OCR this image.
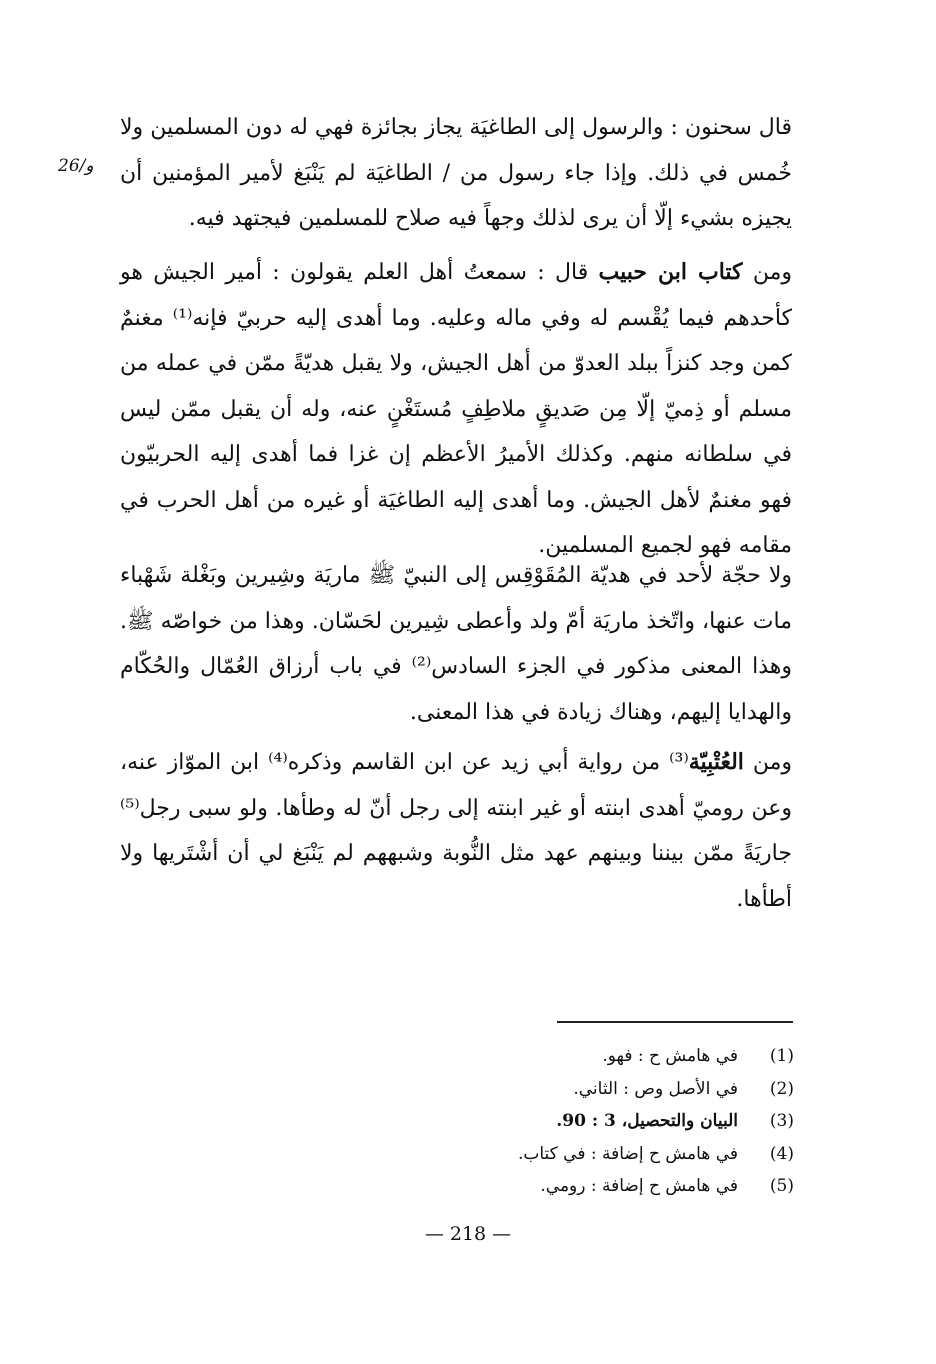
26/و
قال سحنون : والرسول إلى الطاغيَة يجاز بجائزة فهي له دون المسلمين ولا خُمس في ذلك. وإذا جاء رسول من / الطاغيَة لم يَنْبَغ لأمير المؤمنين أن يجيزه بشيء إلّا أن يرى لذلك وجهاً فيه صلاح للمسلمين فيجتهد فيه.
ومن كتاب ابن حبيب قال : سمعتُ أهل العلم يقولون : أمير الجيش هو كأحدهم فيما يُقْسم له وفي ماله وعليه. وما أهدى إليه حربيّ فإنه⁽¹⁾ مغنمٌ كمن وجد كنزاً ببلد العدوّ من أهل الجيش، ولا يقبل هديّةً ممّن في عمله من مسلم أو ذِميّ إلّا مِن صَديقٍ ملاطِفٍ مُستَغْنٍ عنه، وله أن يقبل ممّن ليس في سلطانه منهم. وكذلك الأميرُ الأعظم إن غزا فما أهدى إليه الحربيّون فهو مغنمٌ لأهل الجيش. وما أهدى إليه الطاغيَة أو غيره من أهل الحرب في مقامه فهو لجميع المسلمين.
ولا حجّة لأحد في هديّة المُقَوْقِس إلى النبيّ ﷺ ماريَة وشِيرين وبَغْلة شَهْباء مات عنها، واتّخذ ماريَة أمّ ولد وأعطى شِيرين لحَسّان. وهذا من خواصّه ﷺ. وهذا المعنى مذكور في الجزء السادس⁽²⁾ في باب أرزاق العُمّال والحُكّام والهدايا إليهم، وهناك زيادة في هذا المعنى.
ومن العُتْبِيّة⁽³⁾ من رواية أبي زيد عن ابن القاسم وذكره⁽⁴⁾ ابن الموّاز عنه، وعن روميّ أهدى ابنته أو غير ابنته إلى رجل أنّ له وطأها. ولو سبى رجل⁽⁵⁾ جاريَةً ممّن بيننا وبينهم عهد مثل النُّوبة وشبههم لم يَنْبَغ لي أن أشْتَريها ولا أطأها.
(1)
في هامش ح : فهو.
(2)
في الأصل وص : الثاني.
(3)
البيان والتحصيل، 3 : 90.
(4)
في هامش ح إضافة : في كتاب.
(5)
في هامش ح إضافة : رومي.
— 218 —
